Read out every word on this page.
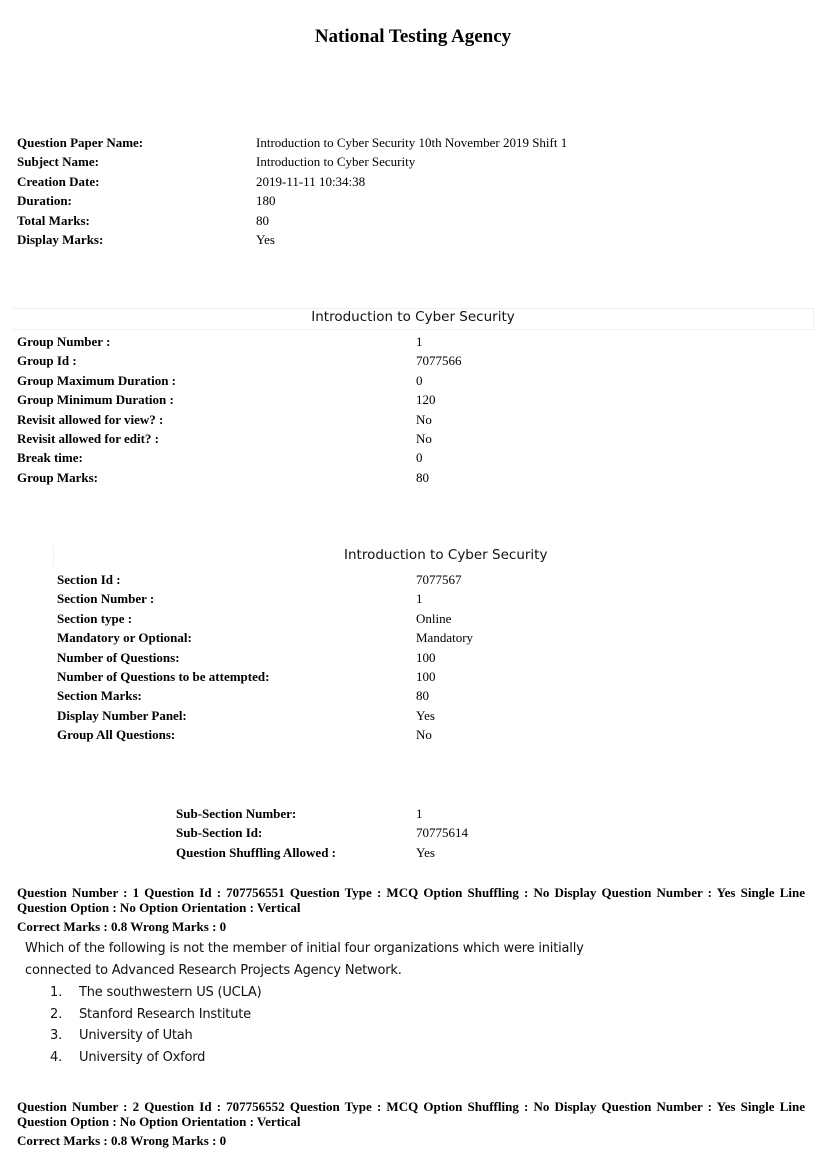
National Testing Agency
Question Paper Name:	Introduction to Cyber Security 10th November 2019 Shift 1
Subject Name:	Introduction to Cyber Security
Creation Date:	2019-11-11 10:34:38
Duration:	180
Total Marks:	80
Display Marks:	Yes
Introduction to Cyber Security
Group Number :	1
Group Id :	7077566
Group Maximum Duration :	0
Group Minimum Duration :	120
Revisit allowed for view? :	No
Revisit allowed for edit? :	No
Break time:	0
Group Marks:	80
Introduction to Cyber Security
Section Id :	7077567
Section Number :	1
Section type :	Online
Mandatory or Optional:	Mandatory
Number of Questions:	100
Number of Questions to be attempted:	100
Section Marks:	80
Display Number Panel:	Yes
Group All Questions:	No
Sub-Section Number:	1
Sub-Section Id:	70775614
Question Shuffling Allowed :	Yes
Question Number : 1 Question Id : 707756551 Question Type : MCQ Option Shuffling : No Display Question Number : Yes Single Line Question Option : No Option Orientation : Vertical
Correct Marks : 0.8 Wrong Marks : 0
Which of the following is not the member of initial four organizations which were initially
connected to Advanced Research Projects Agency Network.
1.	The southwestern US (UCLA)
2.	Stanford Research Institute
3.	University of Utah
4.	University of Oxford
Question Number : 2 Question Id : 707756552 Question Type : MCQ Option Shuffling : No Display Question Number : Yes Single Line Question Option : No Option Orientation : Vertical
Correct Marks : 0.8 Wrong Marks : 0
